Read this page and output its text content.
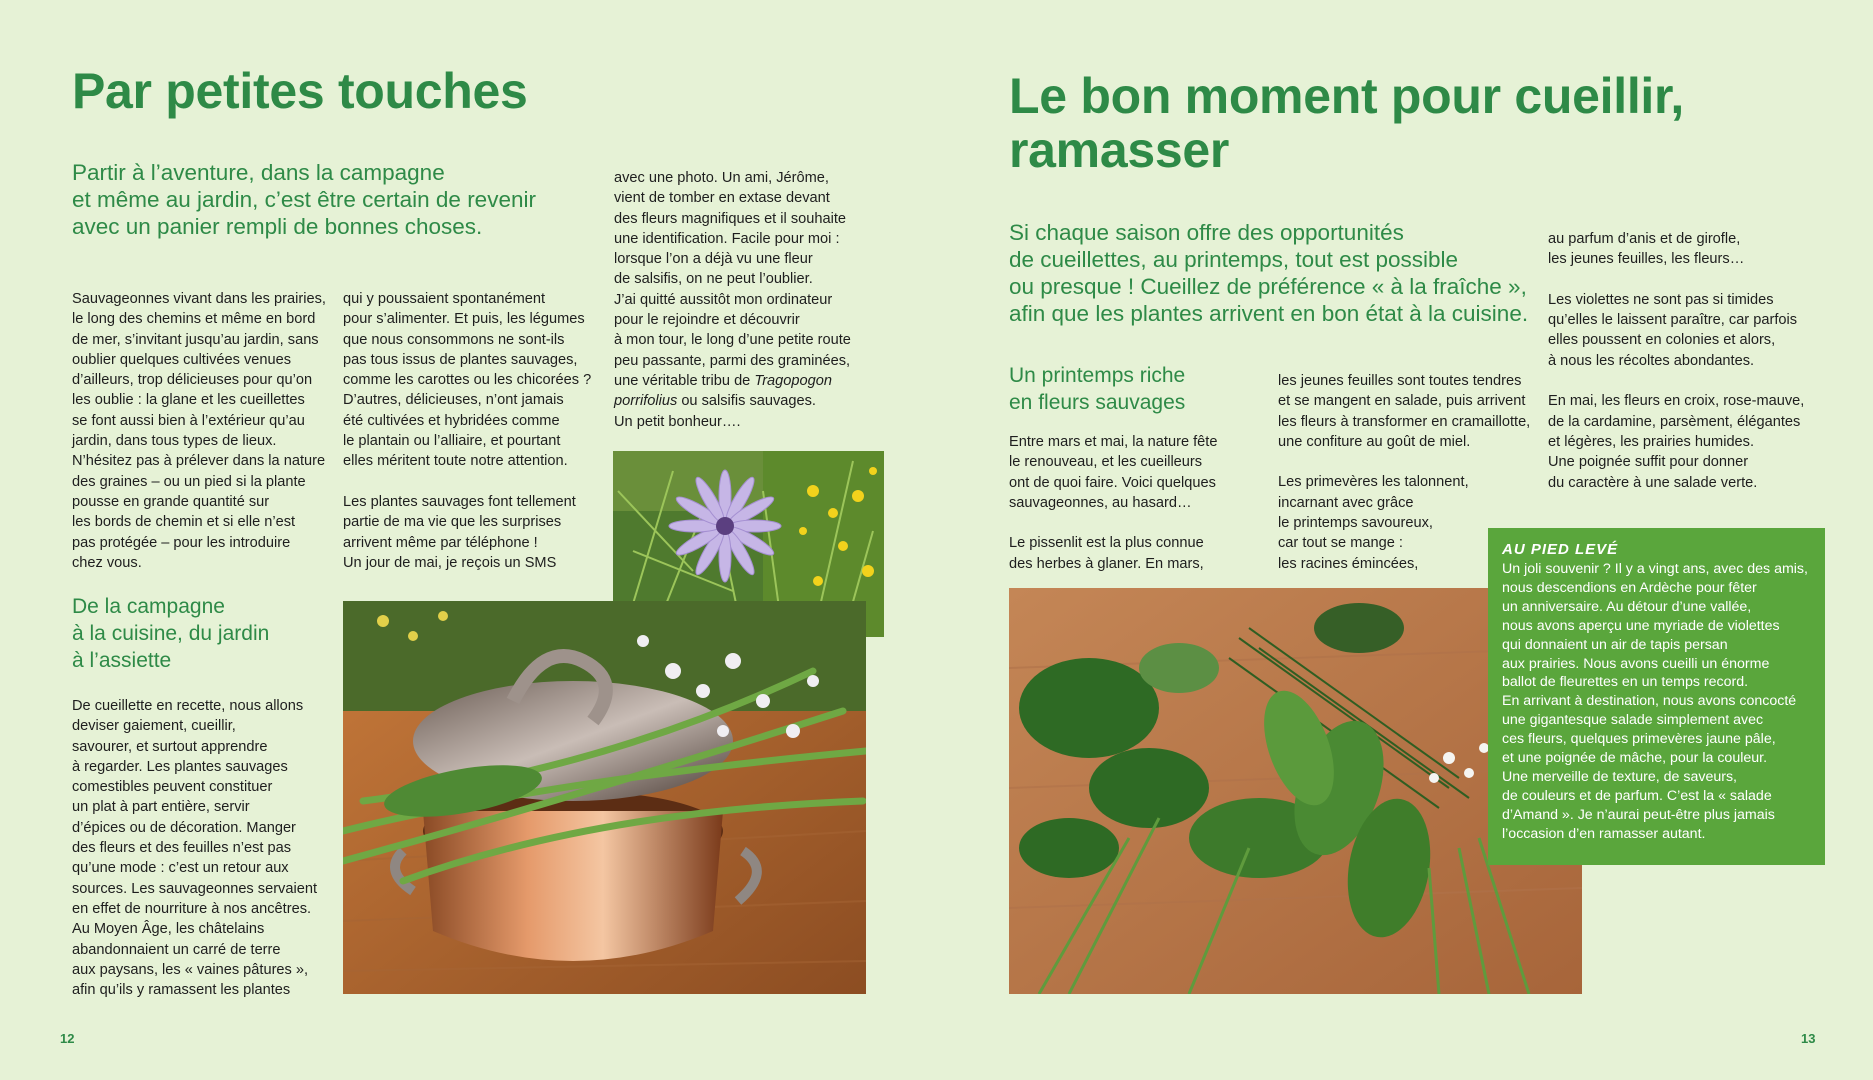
Par petites touches

Partir à l’aventure, dans la campagne
et même au jardin, c’est être certain de revenir
avec un panier rempli de bonnes choses.

Sauvageonnes vivant dans les prairies,
le long des chemins et même en bord
de mer, s’invitant jusqu’au jardin, sans
oublier quelques cultivées venues
d’ailleurs, trop délicieuses pour qu’on
les oublie : la glane et les cueillettes
se font aussi bien à l’extérieur qu’au
jardin, dans tous types de lieux.
N’hésitez pas à prélever dans la nature
des graines – ou un pied si la plante
pousse en grande quantité sur
les bords de chemin et si elle n’est
pas protégée – pour les introduire
chez vous.

De la campagne
à la cuisine, du jardin
à l’assiette

De cueillette en recette, nous allons
deviser gaiement, cueillir,
savourer, et surtout apprendre
à regarder. Les plantes sauvages
comestibles peuvent constituer
un plat à part entière, servir
d’épices ou de décoration. Manger
des fleurs et des feuilles n’est pas
qu’une mode : c’est un retour aux
sources. Les sauvageonnes servaient
en effet de nourriture à nos ancêtres.
Au Moyen Âge, les châtelains
abandonnaient un carré de terre
aux paysans, les « vaines pâtures »,
afin qu’ils y ramassent les plantes

qui y poussaient spontanément
pour s’alimenter. Et puis, les légumes
que nous consommons ne sont-ils
pas tous issus de plantes sauvages,
comme les carottes ou les chicorées ?
D’autres, délicieuses, n’ont jamais
été cultivées et hybridées comme
le plantain ou l’alliaire, et pourtant
elles méritent toute notre attention.

Les plantes sauvages font tellement
partie de ma vie que les surprises
arrivent même par téléphone !
Un jour de mai, je reçois un SMS

avec une photo. Un ami, Jérôme,
vient de tomber en extase devant
des fleurs magnifiques et il souhaite
une identification. Facile pour moi :
lorsque l’on a déjà vu une fleur
de salsifis, on ne peut l’oublier.
J’ai quitté aussitôt mon ordinateur
pour le rejoindre et découvrir
à mon tour, le long d’une petite route
peu passante, parmi des graminées,
une véritable tribu de Tragopogon
porrifolius ou salsifis sauvages.
Un petit bonheur….

12
Le bon moment pour cueillir,
ramasser

Si chaque saison offre des opportunités
de cueillettes, au printemps, tout est possible
ou presque ! Cueillez de préférence « à la fraîche »,
afin que les plantes arrivent en bon état à la cuisine.

Un printemps riche
en fleurs sauvages

Entre mars et mai, la nature fête
le renouveau, et les cueilleurs
ont de quoi faire. Voici quelques
sauvageonnes, au hasard…

Le pissenlit est la plus connue
des herbes à glaner. En mars,

les jeunes feuilles sont toutes tendres
et se mangent en salade, puis arrivent
les fleurs à transformer en cramaillotte,
une confiture au goût de miel.

Les primevères les talonnent,
incarnant avec grâce
le printemps savoureux,
car tout se mange :
les racines émincées,

au parfum d’anis et de girofle,
les jeunes feuilles, les fleurs…

Les violettes ne sont pas si timides
qu’elles le laissent paraître, car parfois
elles poussent en colonies et alors,
à nous les récoltes abondantes.

En mai, les fleurs en croix, rose-mauve,
de la cardamine, parsèment, élégantes
et légères, les prairies humides.
Une poignée suffit pour donner
du caractère à une salade verte.

AU PIED LEVÉ
Un joli souvenir ? Il y a vingt ans, avec des amis,
nous descendions en Ardèche pour fêter
un anniversaire. Au détour d’une vallée,
nous avons aperçu une myriade de violettes
qui donnaient un air de tapis persan
aux prairies. Nous avons cueilli un énorme
ballot de fleurettes en un temps record.
En arrivant à destination, nous avons concocté
une gigantesque salade simplement avec
ces fleurs, quelques primevères jaune pâle,
et une poignée de mâche, pour la couleur.
Une merveille de texture, de saveurs,
de couleurs et de parfum. C’est la « salade
d’Amand ». Je n’aurai peut-être plus jamais
l’occasion d’en ramasser autant.
13
